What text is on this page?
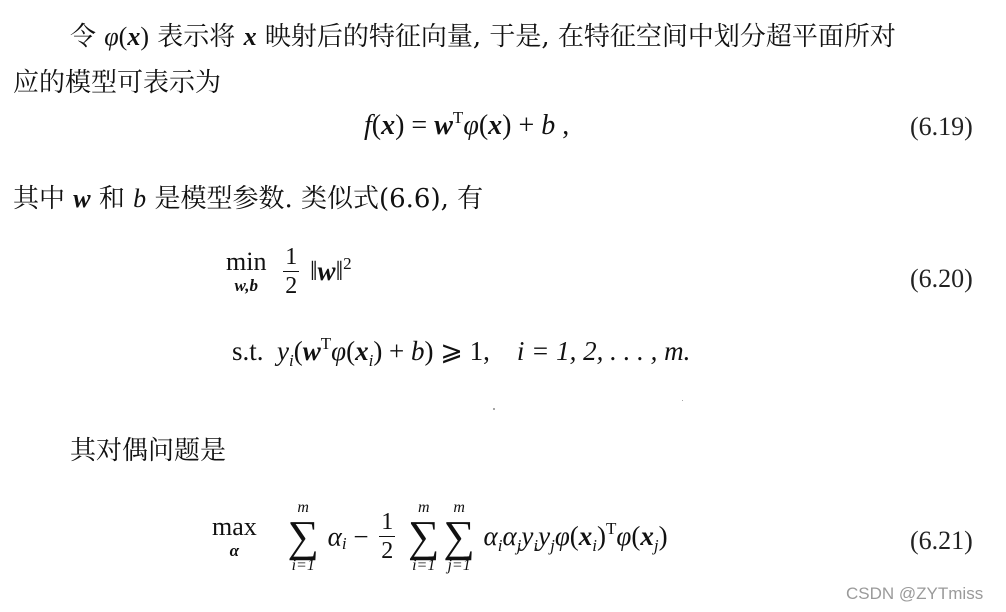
令 φ(x) 表示将 x 映射后的特征向量, 于是, 在特征空间中划分超平面所对
应的模型可表示为
$f(x) = w^T\varphi(x) + b$ ,	(6.19)
其中 w 和 b 是模型参数. 类似式(6.6), 有
min
w,b
	$\frac{1}{2}$ ‖w‖$^2$
(6.20)
s.t. $y_i(w^T\varphi(x_i) + b)$ ⩾ 1, i = 1, 2, . . . , m.
其对偶问题是
max
α

m
∑
i=1
$\alpha_i - \frac{1}{2}$

m
∑
i=1
m
∑
j=1
$\alpha_i\alpha_jy_iy_j\varphi(x_i)^T\varphi(x_j)$	(6.21)
CSDN @ZYTmiss
